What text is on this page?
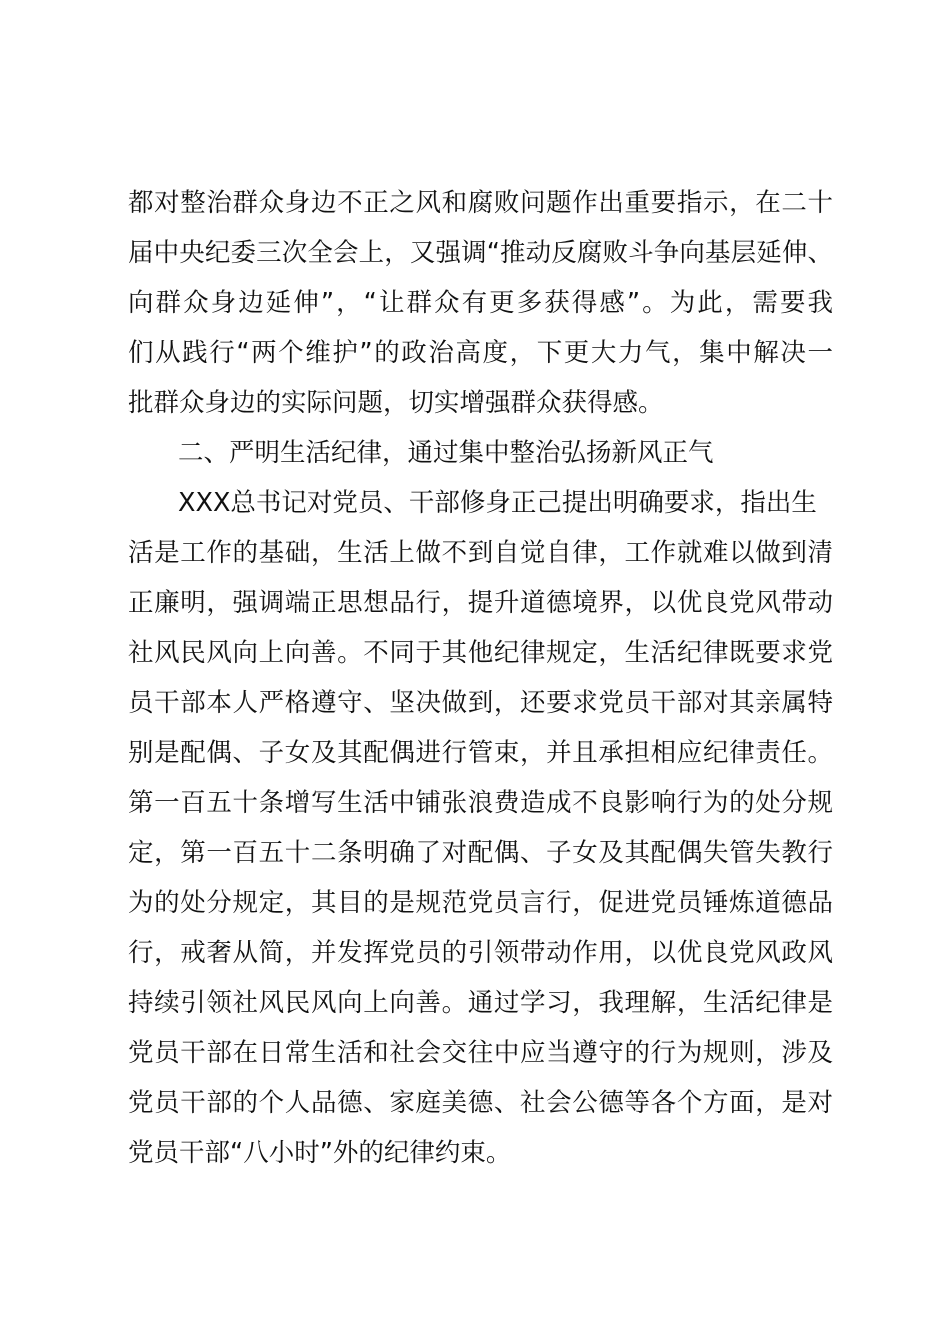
都对整治群众身边不正之风和腐败问题作出重要指示，在二十
届中央纪委三次全会上，又强调“推动反腐败斗争向基层延伸、
向群众身边延伸”，“让群众有更多获得感”。为此，需要我
们从践行“两个维护”的政治高度，下更大力气，集中解决一
批群众身边的实际问题，切实增强群众获得感。
二、严明生活纪律，通过集中整治弘扬新风正气
XXX总书记对党员、干部修身正己提出明确要求，指出生
活是工作的基础，生活上做不到自觉自律，工作就难以做到清
正廉明，强调端正思想品行，提升道德境界，以优良党风带动
社风民风向上向善。不同于其他纪律规定，生活纪律既要求党
员干部本人严格遵守、坚决做到，还要求党员干部对其亲属特
别是配偶、子女及其配偶进行管束，并且承担相应纪律责任。
第一百五十条增写生活中铺张浪费造成不良影响行为的处分规
定，第一百五十二条明确了对配偶、子女及其配偶失管失教行
为的处分规定，其目的是规范党员言行，促进党员锤炼道德品
行，戒奢从简，并发挥党员的引领带动作用，以优良党风政风
持续引领社风民风向上向善。通过学习，我理解，生活纪律是
党员干部在日常生活和社会交往中应当遵守的行为规则，涉及
党员干部的个人品德、家庭美德、社会公德等各个方面，是对
党员干部“八小时”外的纪律约束。
